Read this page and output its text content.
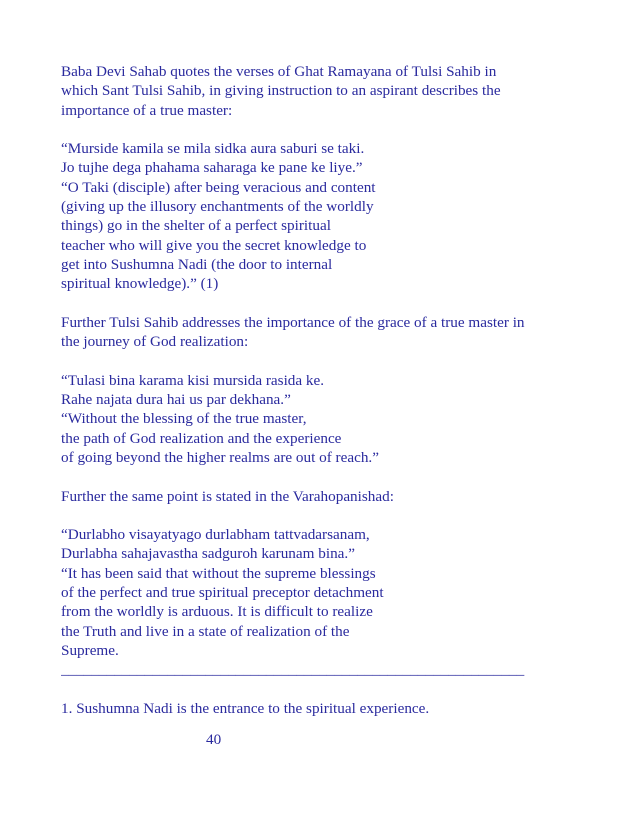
Baba Devi Sahab quotes the verses of Ghat Ramayana of Tulsi Sahib in
which Sant Tulsi Sahib, in giving instruction to an aspirant describes the
importance of a true master:
“Murside kamila se mila sidka aura saburi se taki.
Jo tujhe dega phahama saharaga ke pane ke liye.”
“O Taki (disciple) after being veracious and content
(giving up the illusory enchantments of the worldly
things) go in the shelter of a perfect spiritual
teacher who will give you the secret knowledge to
get into Sushumna Nadi (the door to internal
spiritual knowledge).” (1)
Further Tulsi Sahib addresses the importance of the grace of a true master in
the journey of God realization:
“Tulasi bina karama kisi mursida rasida ke.
Rahe najata dura hai us par dekhana.”
“Without the blessing of the true master,
the path of God realization and the experience
of going beyond the higher realms are out of reach.”
Further the same point is stated in the Varahopanishad:
“Durlabho visayatyago durlabham tattvadarsanam,
Durlabha sahajavastha sadguroh karunam bina.”
“It has been said that without the supreme blessings
of the perfect and true spiritual preceptor detachment
from the worldly is arduous. It is difficult to realize
the Truth and live in a state of realization of the
Supreme.
_____________________________________________________________
1. Sushumna Nadi is the entrance to the spiritual experience.
40
